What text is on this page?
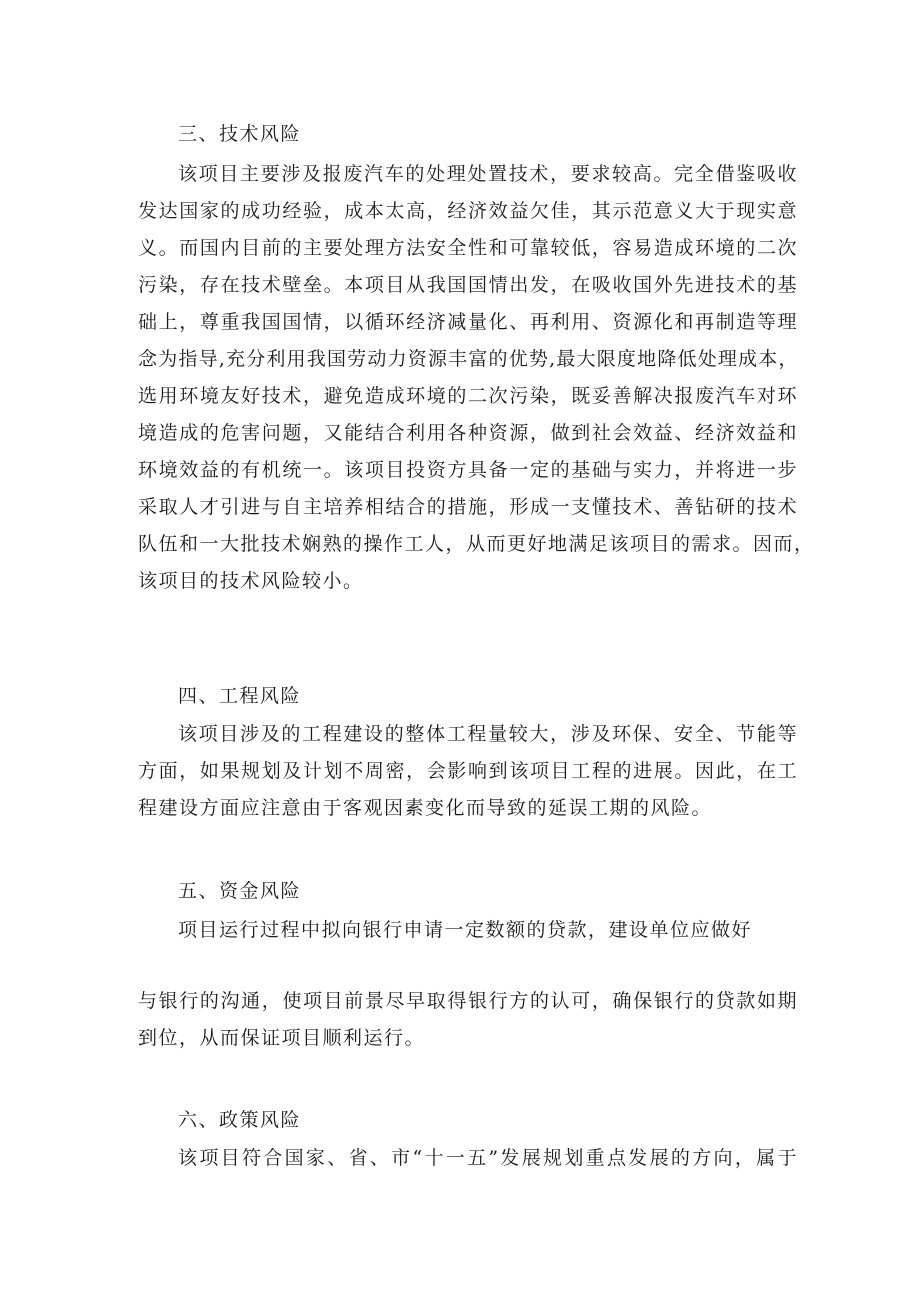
三、技术风险
该项目主要涉及报废汽车的处理处置技术，要求较高。完全借鉴吸收
发达国家的成功经验，成本太高，经济效益欠佳，其示范意义大于现实意
义。而国内目前的主要处理方法安全性和可靠较低，容易造成环境的二次
污染，存在技术壁垒。本项目从我国国情出发，在吸收国外先进技术的基
础上，尊重我国国情，以循环经济减量化、再利用、资源化和再制造等理
念为指导,充分利用我国劳动力资源丰富的优势,最大限度地降低处理成本，
选用环境友好技术，避免造成环境的二次污染，既妥善解决报废汽车对环
境造成的危害问题，又能结合利用各种资源，做到社会效益、经济效益和
环境效益的有机统一。该项目投资方具备一定的基础与实力，并将进一步
采取人才引进与自主培养相结合的措施，形成一支懂技术、善钻研的技术
队伍和一大批技术娴熟的操作工人，从而更好地满足该项目的需求。因而，
该项目的技术风险较小。
四、工程风险
该项目涉及的工程建设的整体工程量较大，涉及环保、安全、节能等
方面，如果规划及计划不周密，会影响到该项目工程的进展。因此，在工
程建设方面应注意由于客观因素变化而导致的延误工期的风险。
五、资金风险
项目运行过程中拟向银行申请一定数额的贷款，建设单位应做好
与银行的沟通，使项目前景尽早取得银行方的认可，确保银行的贷款如期
到位，从而保证项目顺利运行。
六、政策风险
该项目符合国家、省、市“十一五”发展规划重点发展的方向，属于
